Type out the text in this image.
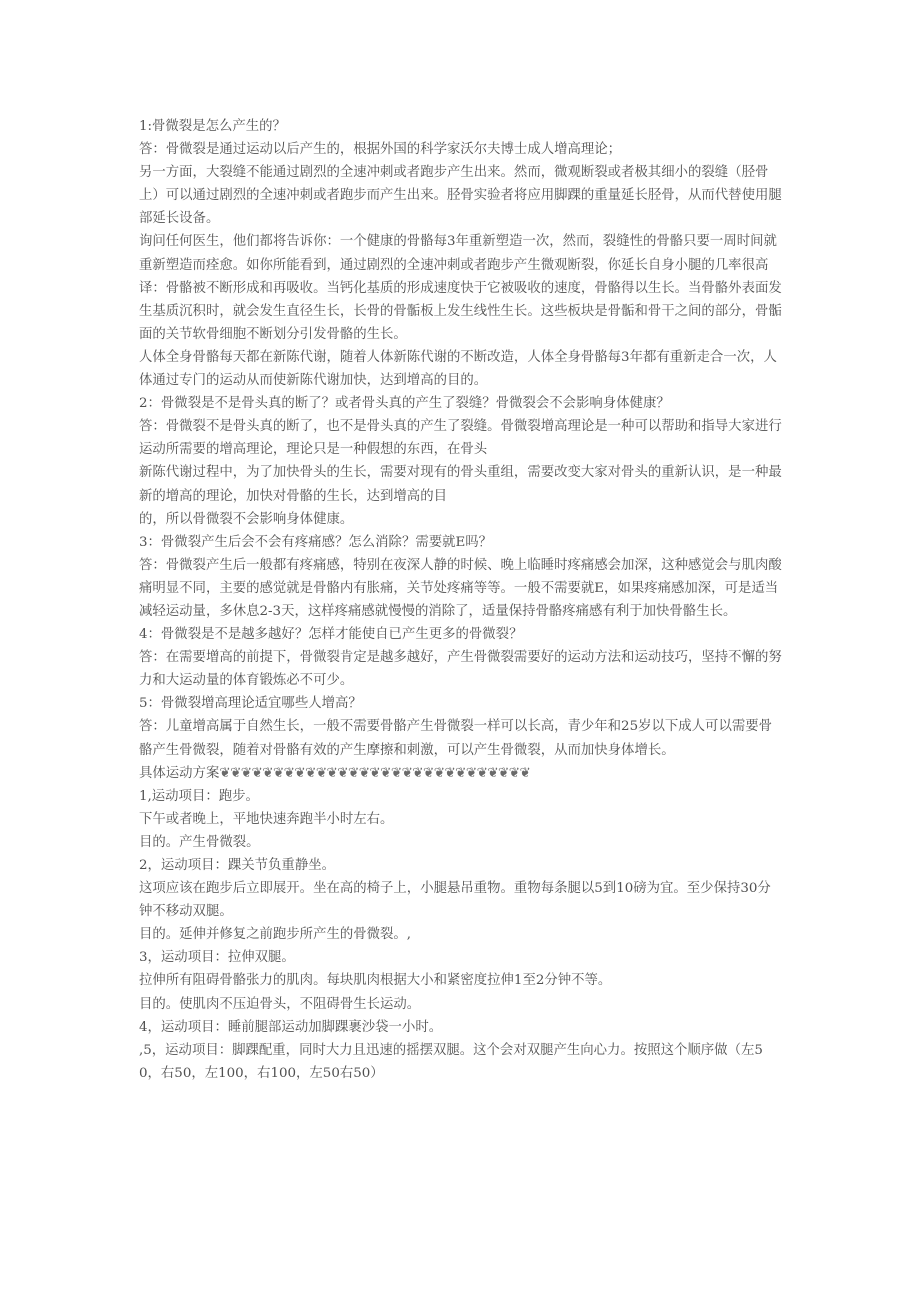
1:骨微裂是怎么产生的？

答：骨微裂是通过运动以后产生的，根据外国的科学家沃尔夫博士成人增高理论；

另一方面，大裂缝不能通过剧烈的全速冲刺或者跑步产生出来。然而，微观断裂或者极其细小的裂缝（胫骨上）可以通过剧烈的全速冲刺或者跑步而产生出来。胫骨实验者将应用脚踝的重量延长胫骨，从而代替使用腿部延长设备。

询问任何医生，他们都将告诉你：一个健康的骨骼每3年重新塑造一次，然而，裂缝性的骨骼只要一周时间就重新塑造而痊愈。如你所能看到，通过剧烈的全速冲刺或者跑步产生微观断裂，你延长自身小腿的几率很高

译：骨骼被不断形成和再吸收。当钙化基质的形成速度快于它被吸收的速度，骨骼得以生长。当骨骼外表面发生基质沉积时，就会发生直径生长，长骨的骨骺板上发生线性生长。这些板块是骨骺和骨干之间的部分，骨骺面的关节软骨细胞不断划分引发骨骼的生长。

人体全身骨骼每天都在新陈代谢，随着人体新陈代谢的不断改造，人体全身骨骼每3年都有重新走合一次，人体通过专门的运动从而使新陈代谢加快，达到增高的目的。

2：骨微裂是不是骨头真的断了？或者骨头真的产生了裂缝？骨微裂会不会影响身体健康？

答：骨微裂不是骨头真的断了，也不是骨头真的产生了裂缝。骨微裂增高理论是一种可以帮助和指导大家进行运动所需要的增高理论，理论只是一种假想的东西，在骨头

新陈代谢过程中，为了加快骨头的生长，需要对现有的骨头重组，需要改变大家对骨头的重新认识，是一种最新的增高的理论，加快对骨骼的生长，达到增高的目

的，所以骨微裂不会影响身体健康。

3：骨微裂产生后会不会有疼痛感？怎么消除？需要就E吗？

答：骨微裂产生后一般都有疼痛感，特别在夜深人静的时候、晚上临睡时疼痛感会加深，这种感觉会与肌肉酸痛明显不同，主要的感觉就是骨骼内有胀痛，关节处疼痛等等。一般不需要就E，如果疼痛感加深，可是适当减轻运动量，多休息2-3天，这样疼痛感就慢慢的消除了，适量保持骨骼疼痛感有利于加快骨骼生长。

4：骨微裂是不是越多越好？怎样才能使自已产生更多的骨微裂？

答：在需要增高的前提下，骨微裂肯定是越多越好，产生骨微裂需要好的运动方法和运动技巧，坚持不懈的努力和大运动量的体育锻炼必不可少。

5：骨微裂增高理论适宜哪些人增高？

答：儿童增高属于自然生长，一般不需要骨骼产生骨微裂一样可以长高，青少年和25岁以下成人可以需要骨骼产生骨微裂，随着对骨骼有效的产生摩擦和刺激，可以产生骨微裂，从而加快身体增长。

具体运动方案❦❦❦❦❦❦❦❦❦❦❦❦❦❦❦❦❦❦❦❦❦❦❦❦❦❦❦❦❦

1,运动项目：跑步。

下午或者晚上，平地快速奔跑半小时左右。

目的。产生骨微裂。

2，运动项目：踝关节负重静坐。

这项应该在跑步后立即展开。坐在高的椅子上，小腿悬吊重物。重物每条腿以5到10磅为宜。至少保持30分钟不移动双腿。

目的。延伸并修复之前跑步所产生的骨微裂。,

3，运动项目：拉伸双腿。

拉伸所有阻碍骨骼张力的肌肉。每块肌肉根据大小和紧密度拉伸1至2分钟不等。

目的。使肌肉不压迫骨头，不阻碍骨生长运动。

4，运动项目：睡前腿部运动加脚踝裹沙袋一小时。

,5，运动项目：脚踝配重，同时大力且迅速的摇摆双腿。这个会对双腿产生向心力。按照这个顺序做（左50，右50，左100，右100，左50右50）
